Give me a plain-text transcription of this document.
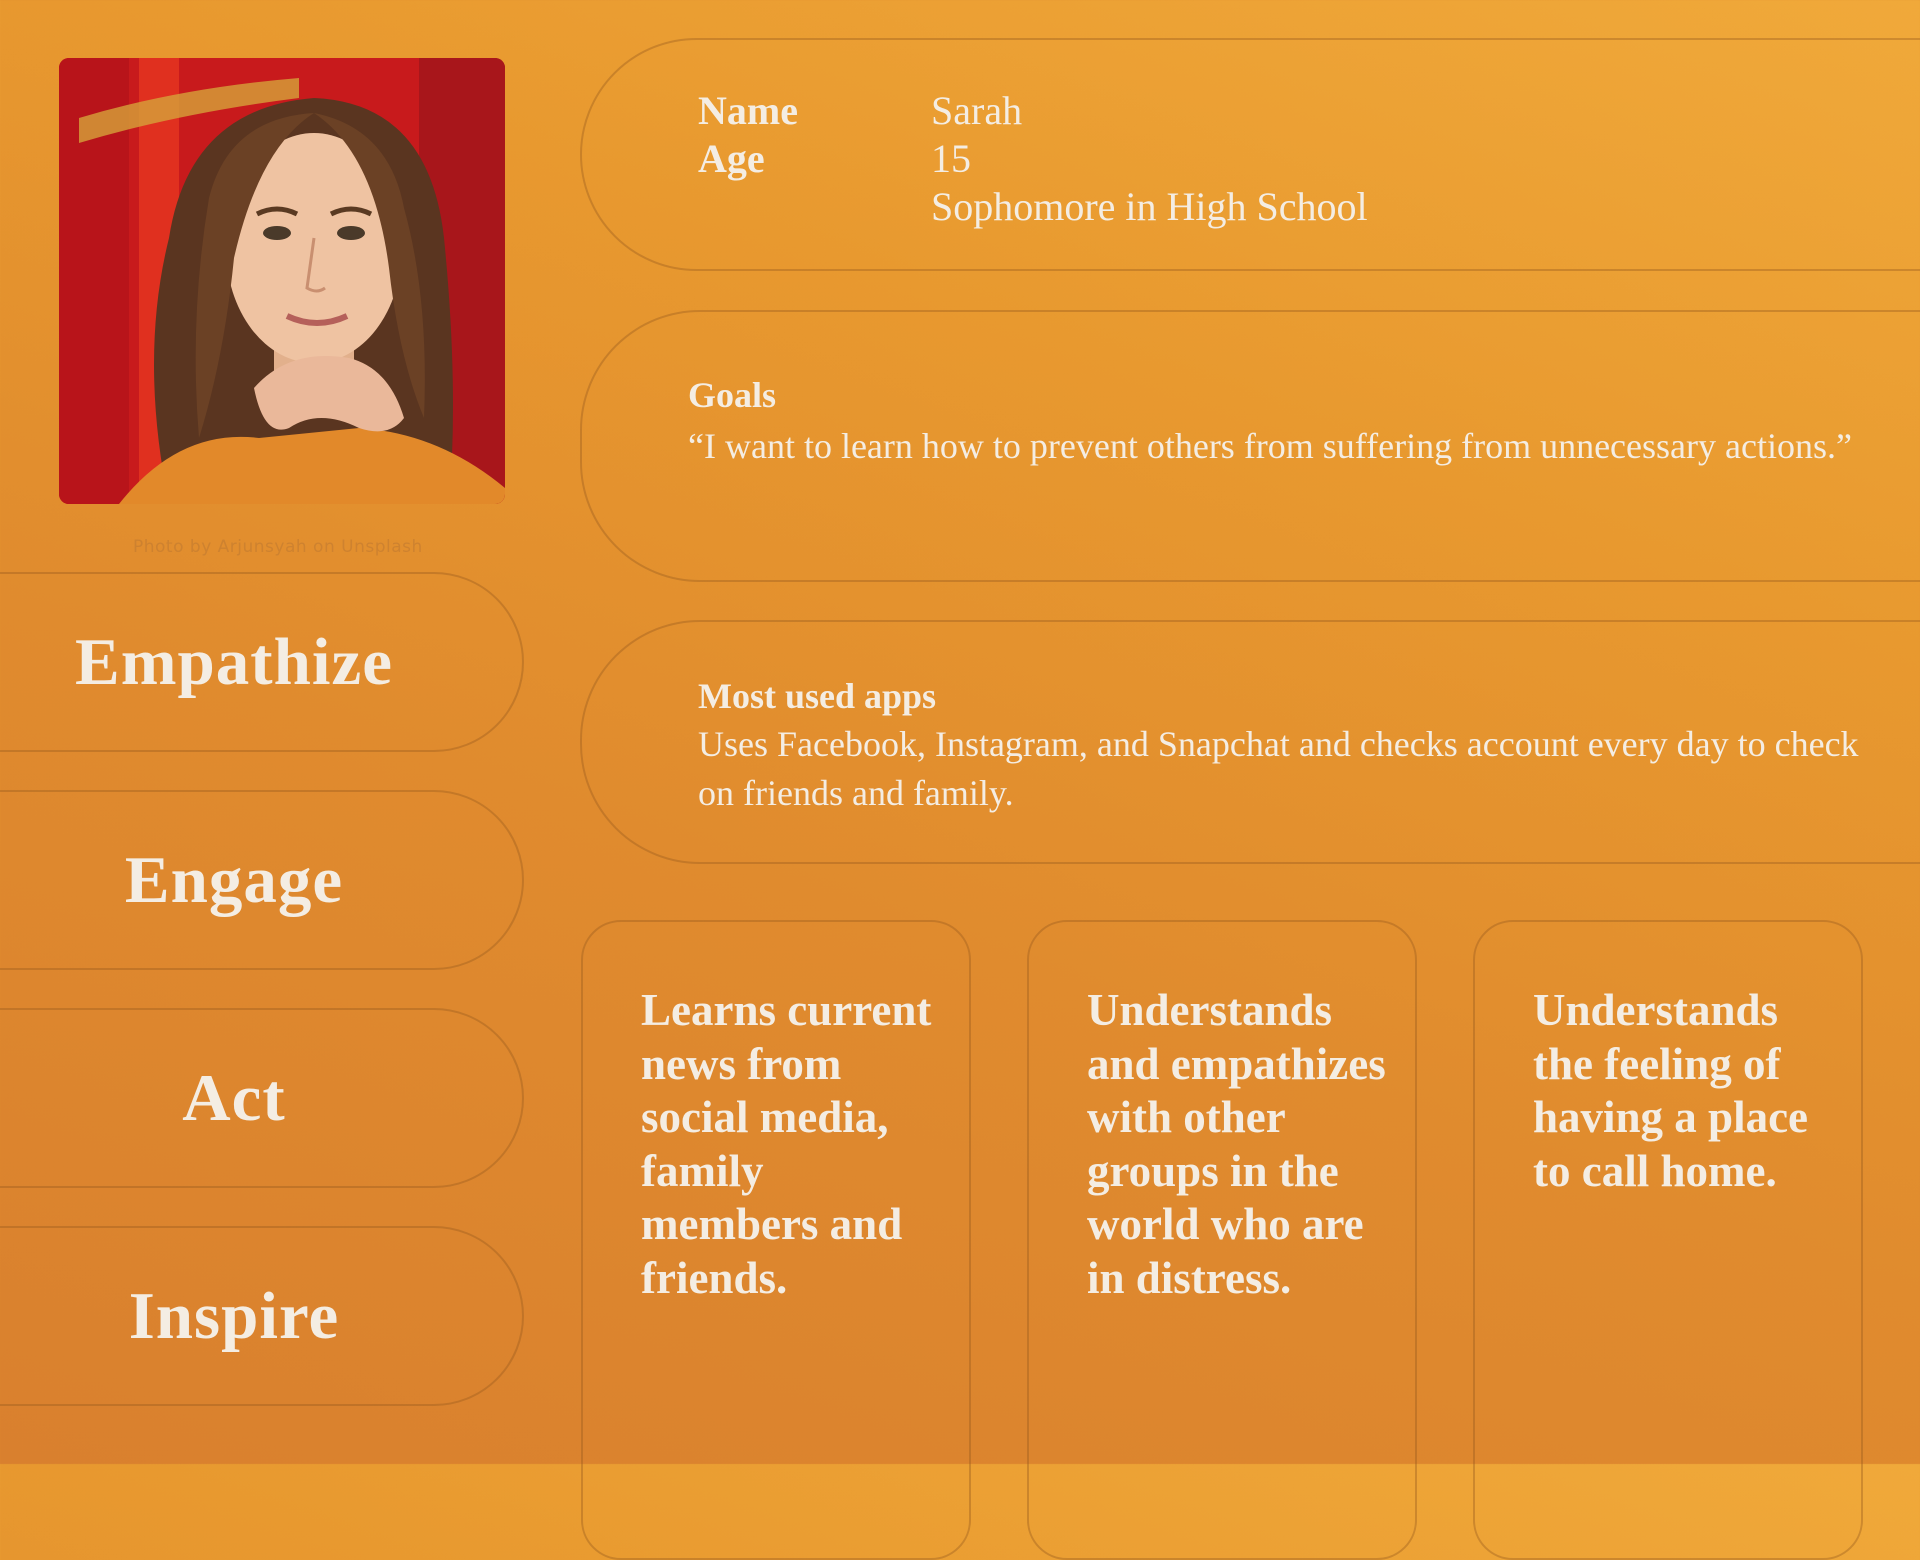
Photo by Arjunsyah on Unsplash
Empathize
Engage
Act
Inspire
Name	Sarah
Age	15
Sophomore in High School
Goals
“I want to learn how to prevent others from suffering from unnecessary actions.”
Most used apps
Uses Facebook, Instagram, and Snapchat and checks account every day to check on friends and family.
Learns current news from social media, family members and friends.
Understands and empathizes with other groups in the world who are in distress.
Understands the feeling of having a place to call home.
